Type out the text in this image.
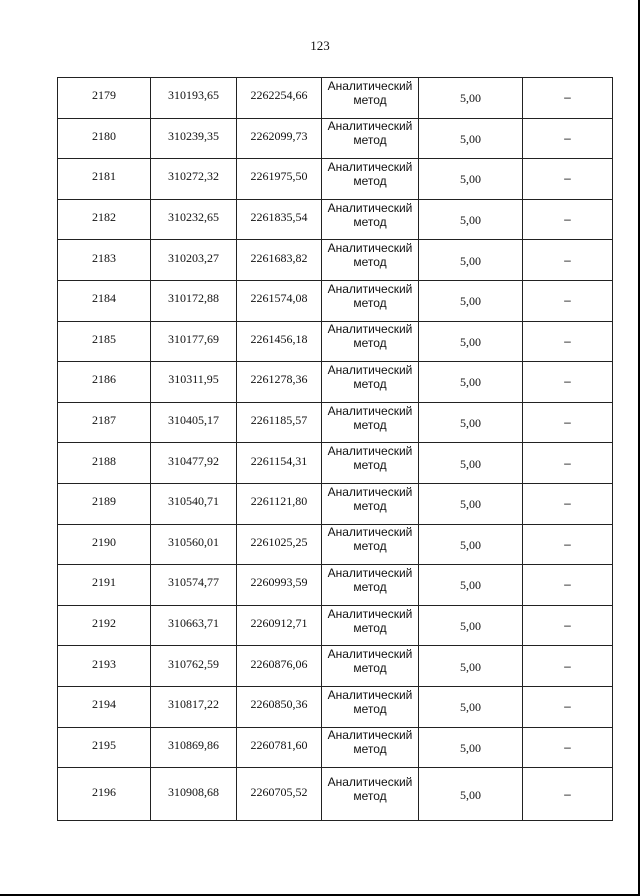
123
2179	310193,65	2262254,66	Аналитический метод	5,00	–
2180	310239,35	2262099,73	Аналитический метод	5,00	–
2181	310272,32	2261975,50	Аналитический метод	5,00	–
2182	310232,65	2261835,54	Аналитический метод	5,00	–
2183	310203,27	2261683,82	Аналитический метод	5,00	–
2184	310172,88	2261574,08	Аналитический метод	5,00	–
2185	310177,69	2261456,18	Аналитический метод	5,00	–
2186	310311,95	2261278,36	Аналитический метод	5,00	–
2187	310405,17	2261185,57	Аналитический метод	5,00	–
2188	310477,92	2261154,31	Аналитический метод	5,00	–
2189	310540,71	2261121,80	Аналитический метод	5,00	–
2190	310560,01	2261025,25	Аналитический метод	5,00	–
2191	310574,77	2260993,59	Аналитический метод	5,00	–
2192	310663,71	2260912,71	Аналитический метод	5,00	–
2193	310762,59	2260876,06	Аналитический метод	5,00	–
2194	310817,22	2260850,36	Аналитический метод	5,00	–
2195	310869,86	2260781,60	Аналитический метод	5,00	–
2196	310908,68	2260705,52	Аналитический метод	5,00	–
